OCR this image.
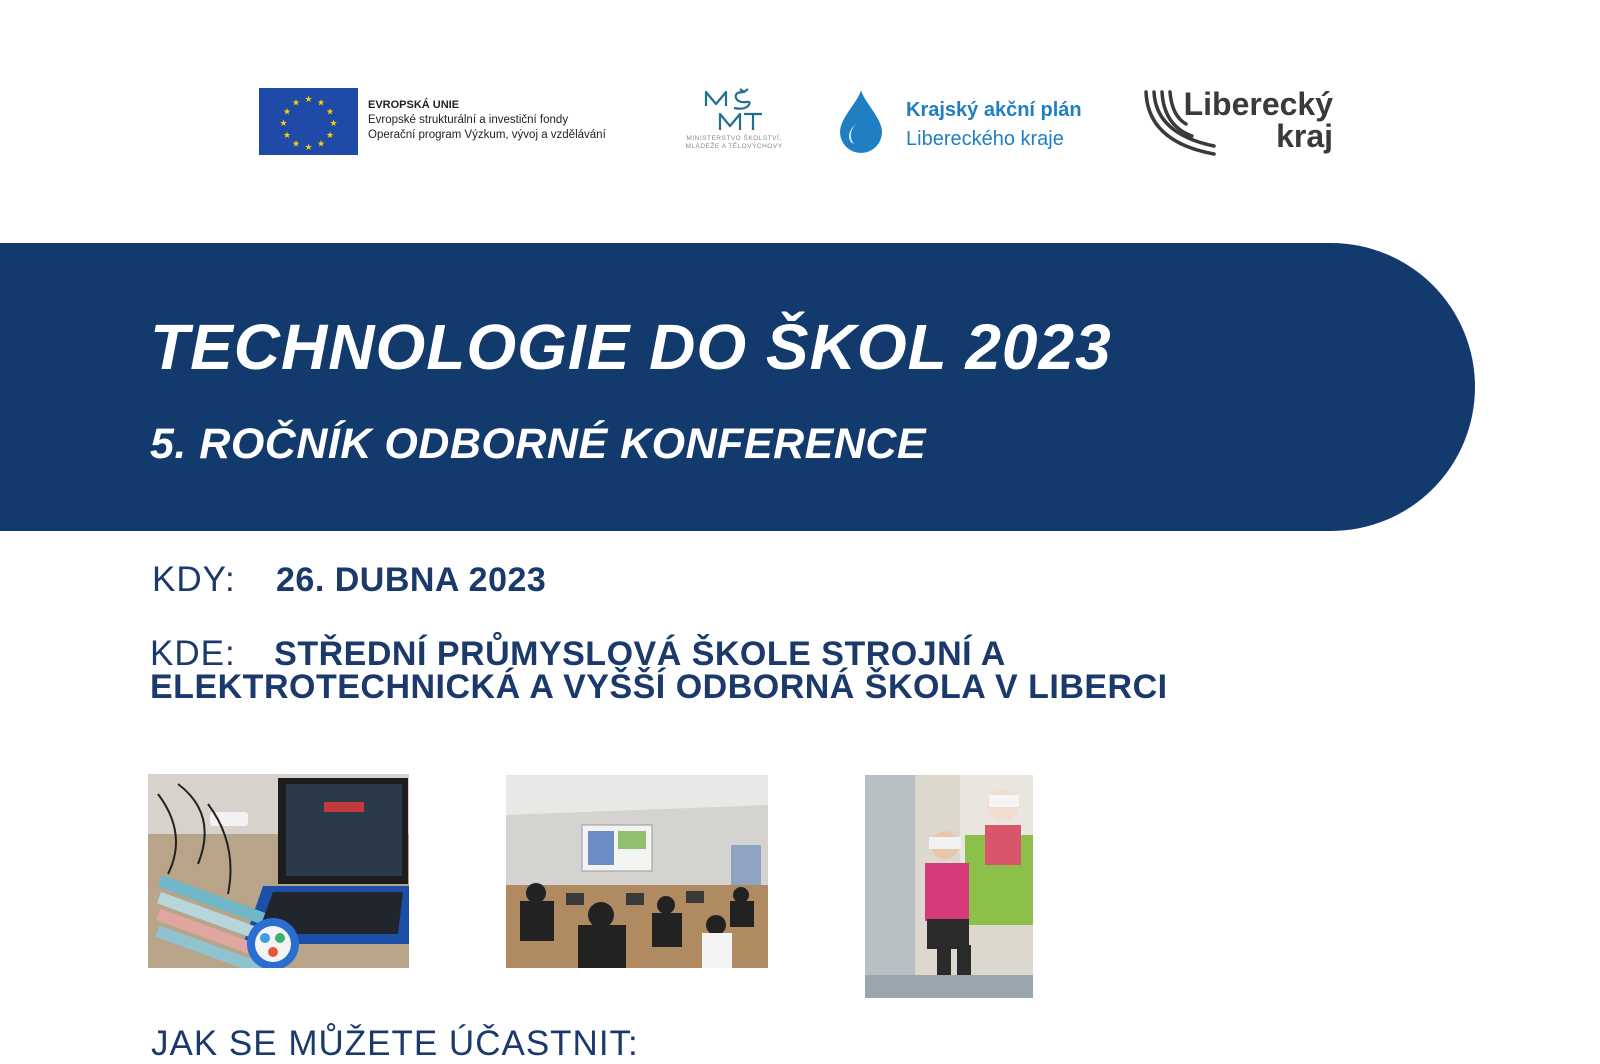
★ ★
★
★
★
★
★
★
★
★
★
★	EVROPSKÁ UNIE
Evropské strukturální a investiční fondy
Operační program Výzkum, vývoj a vzdělávání	MINISTERSTVO ŠKOLSTVÍ,
MLÁDEŽE A TĚLOVÝCHOVY
Krajský akční plán
Libereckého kraje
Liberecký
kraj
TECHNOLOGIE DO ŠKOL 2023
5. ROČNÍK ODBORNÉ KONFERENCE
KDY: 26. DUBNA 2023
KDE: STŘEDNÍ PRŮMYSLOVÁ ŠKOLE STROJNÍ A
ELEKTROTECHNICKÁ A VYŠŠÍ ODBORNÁ ŠKOLA V LIBERCI
JAK SE MŮŽETE ÚČASTNIT:
